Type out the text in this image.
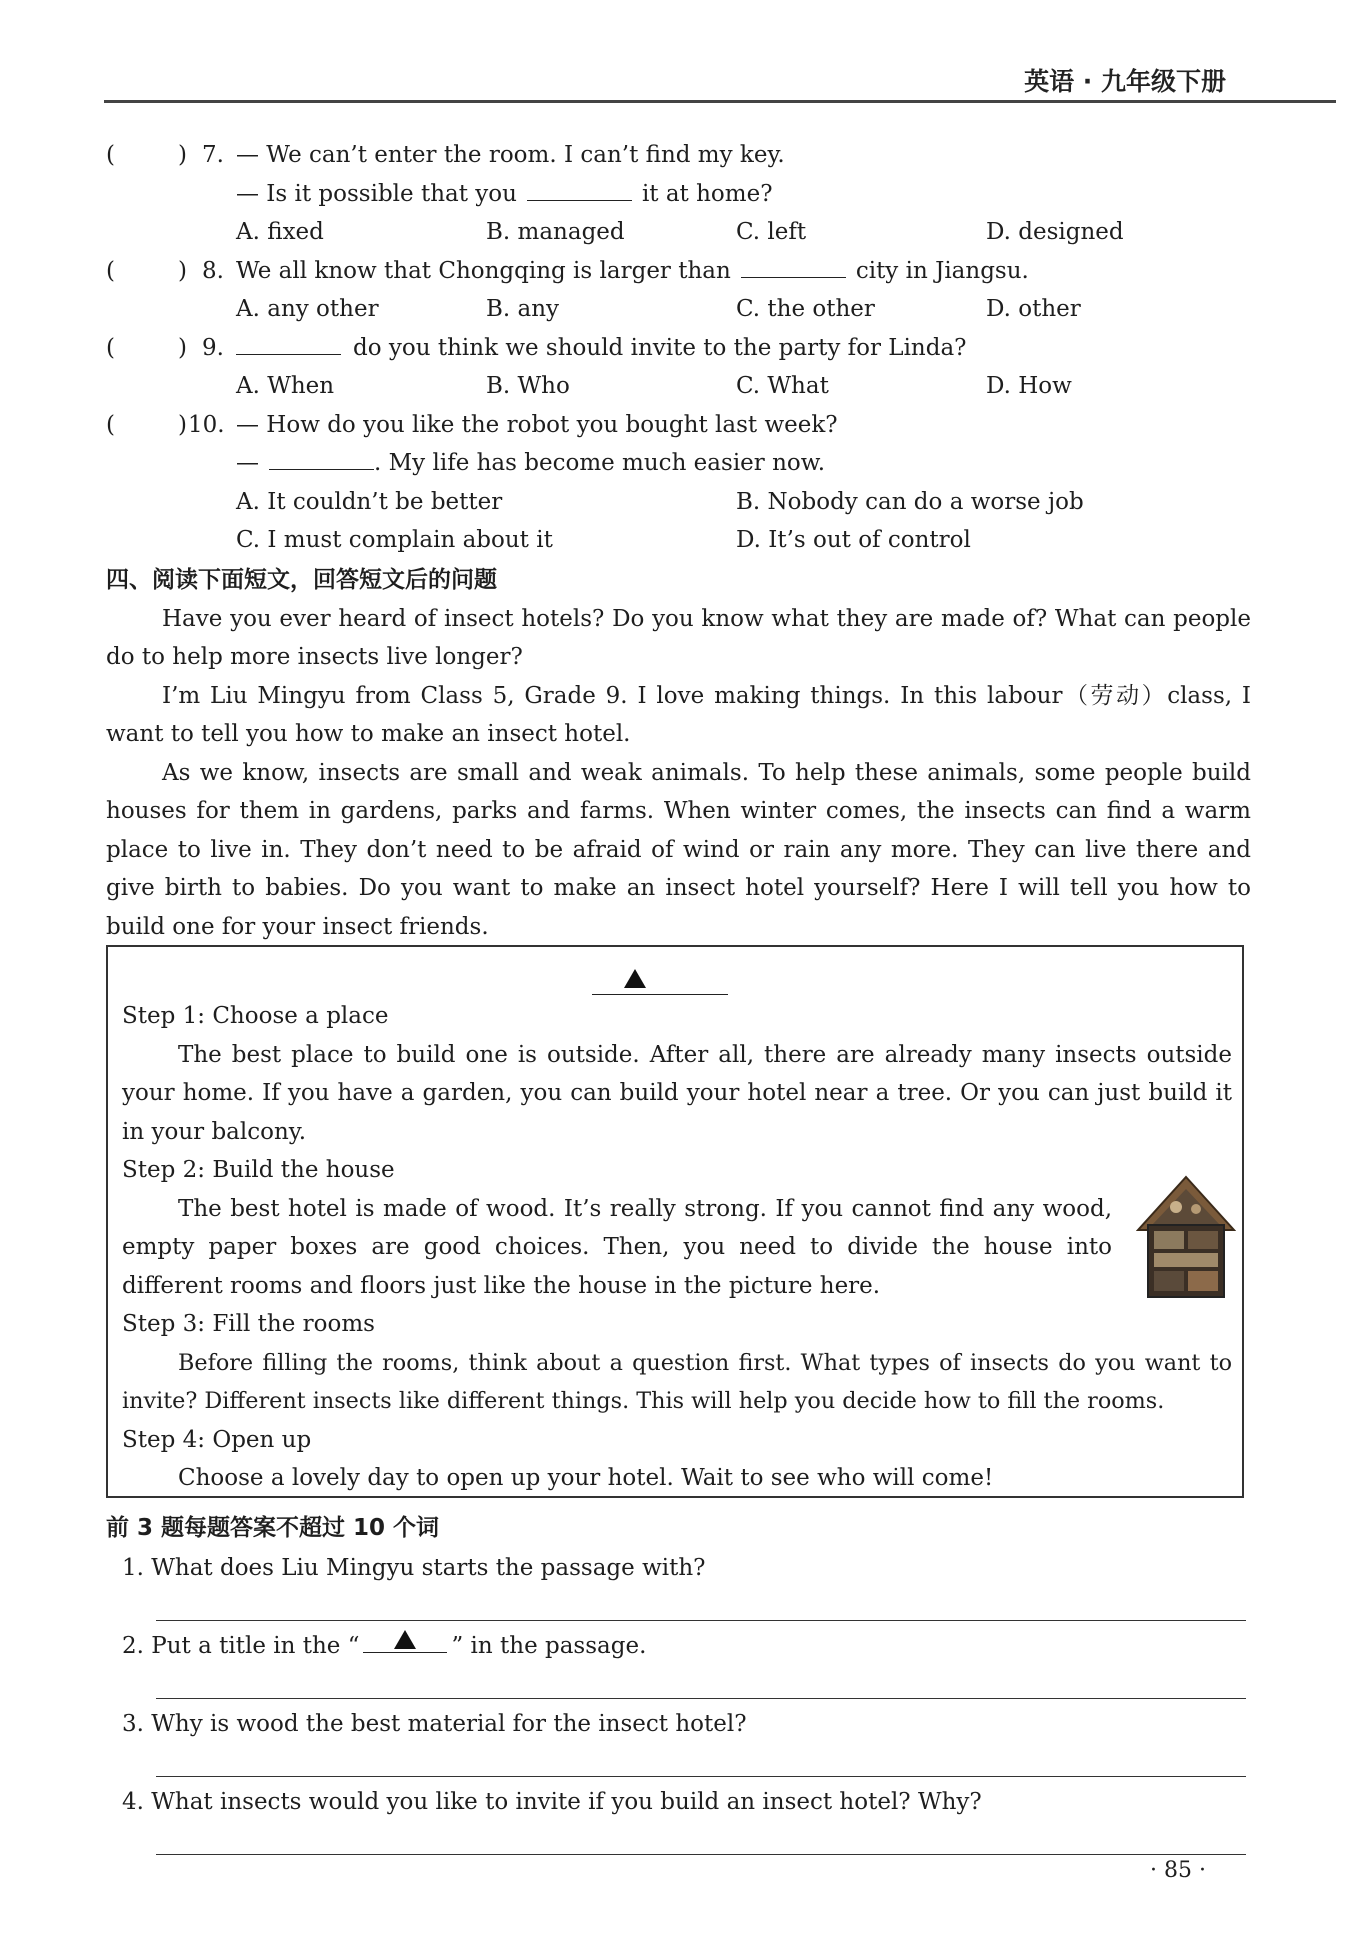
英语 · 九年级下册
(	) 7. — We can’t enter the room. I can’t find my key.
— Is it possible that you	it at home?
A. fixed	B. managed	C. left	D. designed
(	) 8. We all know that Chongqing is larger than	city in Jiangsu.
A. any other	B. any	C. the other	D. other
(	) 9.	do you think we should invite to the party for Linda?
A. When	B. Who	C. What	D. How
(	) 10. — How do you like the robot you bought last week?
—	. My life has become much easier now.
A. It couldn’t be better	B. Nobody can do a worse job
C. I must complain about it	D. It’s out of control
四、阅读下面短文，回答短文后的问题
Have you ever heard of insect hotels? Do you know what they are made of? What can people do to help more insects live longer?
I’m Liu Mingyu from Class 5, Grade 9. I love making things. In this labour（劳动）class, I want to tell you how to make an insect hotel.
As we know, insects are small and weak animals. To help these animals, some people build houses for them in gardens, parks and farms. When winter comes, the insects can find a warm place to live in. They don’t need to be afraid of wind or rain any more. They can live there and give birth to babies. Do you want to make an insect hotel yourself? Here I will tell you how to build one for your insect friends.
Step 1: Choose a place
The best place to build one is outside. After all, there are already many insects outside your home. If you have a garden, you can build your hotel near a tree. Or you can just build it in your balcony.
Step 2: Build the house
The best hotel is made of wood. It’s really strong. If you cannot find any wood, empty paper boxes are good choices. Then, you need to divide the house into different rooms and floors just like the house in the picture here.
Step 3: Fill the rooms
Before filling the rooms, think about a question first. What types of insects do you want to invite? Different insects like different things. This will help you decide how to fill the rooms.
Step 4: Open up
Choose a lovely day to open up your hotel. Wait to see who will come!
前 3 题每题答案不超过 10 个词
1. What does Liu Mingyu starts the passage with?
2. Put a title in the “	” in the passage.
3. Why is wood the best material for the insect hotel?
4. What insects would you like to invite if you build an insect hotel? Why?
· 85 ·
